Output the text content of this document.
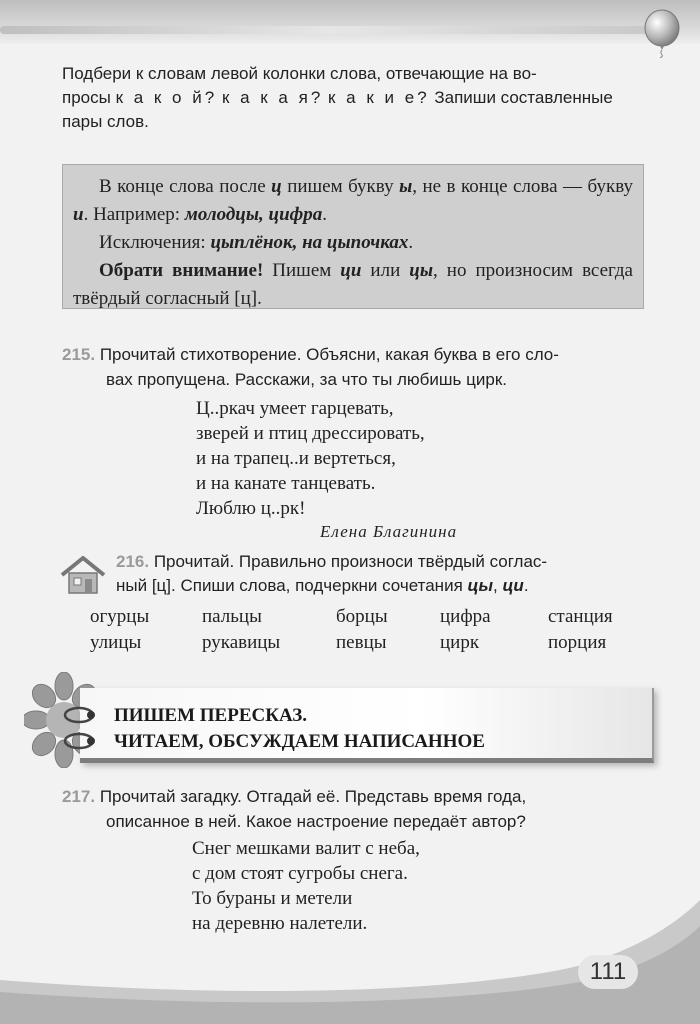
Подбери к словам левой колонки слова, отвечающие на во-
просы к а к о й? к а к а я? к а к и е? Запиши составленные
пары слов.

В конце слова после ц пишем букву ы, не в конце слова — букву и. Например: молодцы, цифра.

Исключения: цыплёнок, на цыпочках.

Обрати внимание! Пишем ци или цы, но произносим всегда твёрдый согласный [ц].

215. Прочитай стихотворение. Объясни, какая буква в его сло-
вах пропущена. Расскажи, за что ты любишь цирк.
Ц..ркач умеет гарцевать,
зверей и птиц дрессировать,
и на трапец..и вертеться,
и на канате танцевать.
Люблю ц..рк!
Елена Благинина
216. Прочитай. Правильно произноси твёрдый соглас-
ный [ц]. Спиши слова, подчеркни сочетания цы, ци.
огурцы	пальцы	борцы	цифра	станция
улицы	рукавицы	певцы	цирк	порция
ПИШЕМ ПЕРЕСКАЗ.
ЧИТАЕМ, ОБСУЖДАЕМ НАПИСАННОЕ
217. Прочитай загадку. Отгадай её. Представь время года,
описанное в ней. Какое настроение передаёт автор?
Снег мешками валит с неба,
с дом стоят сугробы снега.
То бураны и метели
на деревню налетели.
111
